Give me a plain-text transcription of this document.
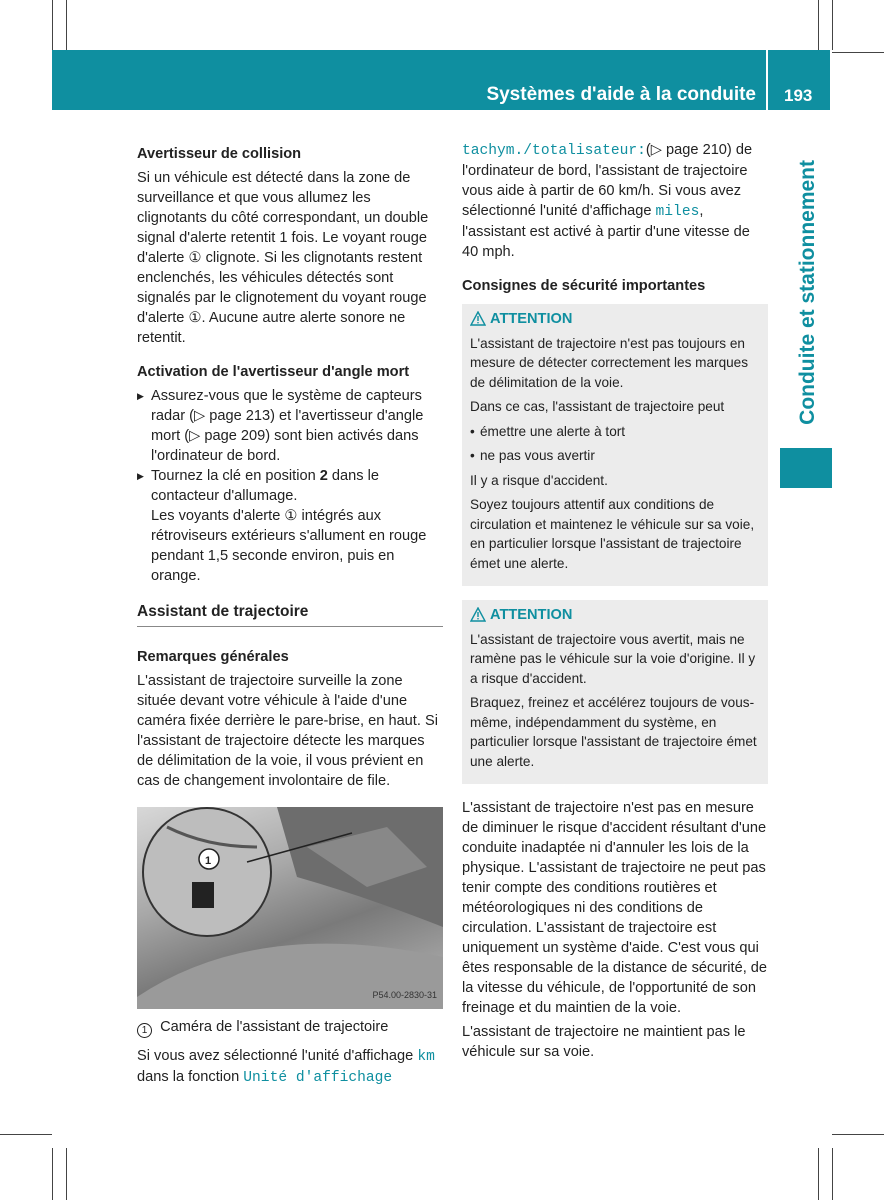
Systèmes d'aide à la conduite 193
Conduite et stationnement
Avertisseur de collision

Si un véhicule est détecté dans la zone de surveillance et que vous allumez les clignotants du côté correspondant, un double signal d'alerte retentit 1 fois. Le voyant rouge d'alerte ① clignote. Si les clignotants restent enclenchés, les véhicules détectés sont signalés par le clignotement du voyant rouge d'alerte ①. Aucune autre alerte sonore ne retentit.

Activation de l'avertisseur d'angle mort
▶ Assurez-vous que le système de capteurs radar (▷ page 213) et l'avertisseur d'angle mort (▷ page 209) sont bien activés dans l'ordinateur de bord.
▶ Tournez la clé en position 2 dans le contacteur d'allumage.

Les voyants d'alerte ① intégrés aux rétroviseurs extérieurs s'allument en rouge pendant 1,5 seconde environ, puis en orange.

Assistant de trajectoire
Remarques générales

L'assistant de trajectoire surveille la zone située devant votre véhicule à l'aide d'une caméra fixée derrière le pare-brise, en haut. Si l'assistant de trajectoire détecte les marques de délimitation de la voie, il vous prévient en cas de changement involontaire de file.

1
P54.00-2830-31

1 Caméra de l'assistant de trajectoire

Si vous avez sélectionné l'unité d'affichage km dans la fonction Unité d'affichage

tachym./totalisateur:(▷ page 210) de l'ordinateur de bord, l'assistant de trajectoire vous aide à partir de 60 km/h. Si vous avez sélectionné l'unité d'affichage miles, l'assistant est activé à partir d'une vitesse de 40 mph.

Consignes de sécurité importantes
ATTENTION

L'assistant de trajectoire n'est pas toujours en mesure de détecter correctement les marques de délimitation de la voie.

Dans ce cas, l'assistant de trajectoire peut

• émettre une alerte à tort

• ne pas vous avertir

Il y a risque d'accident.

Soyez toujours attentif aux conditions de circulation et maintenez le véhicule sur sa voie, en particulier lorsque l'assistant de trajectoire émet une alerte.

ATTENTION

L'assistant de trajectoire vous avertit, mais ne ramène pas le véhicule sur la voie d'origine. Il y a risque d'accident.

Braquez, freinez et accélérez toujours de vous-même, indépendamment du système, en particulier lorsque l'assistant de trajectoire émet une alerte.

L'assistant de trajectoire n'est pas en mesure de diminuer le risque d'accident résultant d'une conduite inadaptée ni d'annuler les lois de la physique. L'assistant de trajectoire ne peut pas tenir compte des conditions routières et météorologiques ni des conditions de circulation. L'assistant de trajectoire est uniquement un système d'aide. C'est vous qui êtes responsable de la distance de sécurité, de la vitesse du véhicule, de l'opportunité de son freinage et du maintien de la voie.

L'assistant de trajectoire ne maintient pas le véhicule sur sa voie.
